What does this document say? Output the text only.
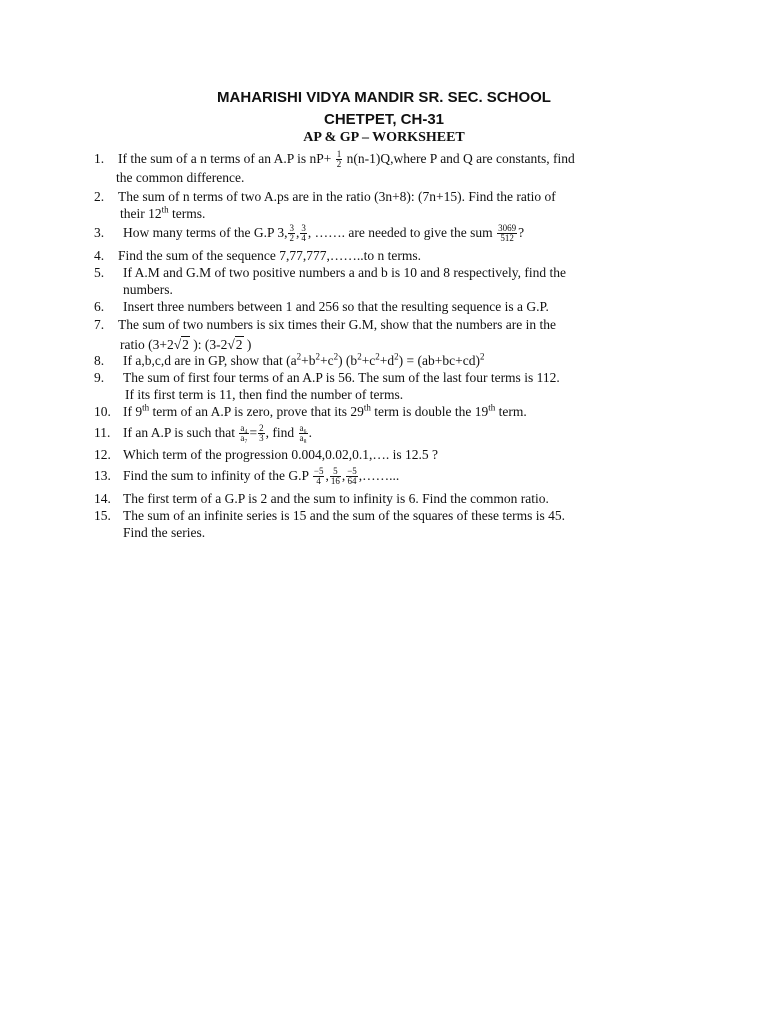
MAHARISHI VIDYA MANDIR SR. SEC. SCHOOL
CHETPET, CH-31
AP & GP – WORKSHEET
1. If the sum of a n terms of an A.P is $nP+ \frac{1}{2}$ n(n-1)Q,where P and Q are constants, find
the common difference.
2. The sum of n terms of two A.ps are in the ratio (3n+8): (7n+15). Find the ratio of
their 12th terms.
3. How many terms of the G.P 3, $\frac{3}{2}$ , $\frac{3}{4}$ , ……. are needed to give the sum $\frac{3069}{512}$ ?
4. Find the sum of the sequence 7,77,777,……..to n terms.
5. If A.M and G.M of two positive numbers a and b is 10 and 8 respectively, find the
numbers.
6. Insert three numbers between 1 and 256 so that the resulting sequence is a G.P.
7. The sum of two numbers is six times their G.M, show that the numbers are in the
ratio (3+2√2 ): (3-2√2 )
8. If a,b,c,d are in GP, show that $(a^2+b^2+c^2) (b^2+c^2+d^2) = (ab+bc+cd)^2$
9. The sum of first four terms of an A.P is 56. The sum of the last four terms is 112.
If its first term is 11, then find the number of terms.
10. If 9th term of an A.P is zero, prove that its 29th term is double the 19th term.
11. If an A.P is such that $\frac{\text{a₄}}{\text{a₇}} = \frac{2}{3}$ , find $\frac{\text{a₆}}{\text{a₈}}$ .
12. Which term of the progression 0.004,0.02,0.1,…. is 12.5 ?
13. Find the sum to infinity of the $G.P \frac{-5}{4}$ , $\frac{5}{16}$ , $\frac{-5}{64}$ ,……...
14. The first term of a G.P is 2 and the sum to infinity is 6. Find the common ratio.
15. The sum of an infinite series is 15 and the sum of the squares of these terms is 45.
Find the series.
